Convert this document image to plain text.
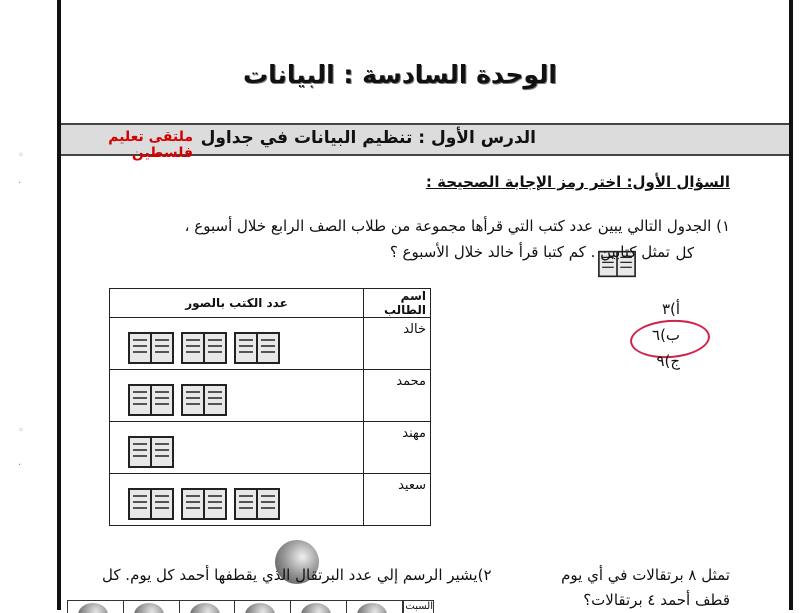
◦
·
◦
·
الوحدة السادسة : البيانات
الدرس الأول : تنظيم البيانات في جداول
ملتقى تعليم فلسطين
السؤال الأول: اختر رمز الإجابة الصحيحة :
١) الجدول التالي يبين عدد كتب التي قرأها مجموعة من طلاب الصف الرابع خلال أسبوع ،
كل
تمثل كتابين . كم كتبا قرأ خالد خلال الأسبوع ؟
اسم الطالب	عدد الكتب بالصور
خالد	
محمد	
مهند	
سعيد	
أ)٣
ب)٦
ج)٩
تمثل ٨ برتقالات في أي يوم  ٢)يشير الرسم إلي عدد البرتقال الذي يقطفها أحمد كل يوم. كل
قطف أحمد ٤ برتقالات؟
السبت
